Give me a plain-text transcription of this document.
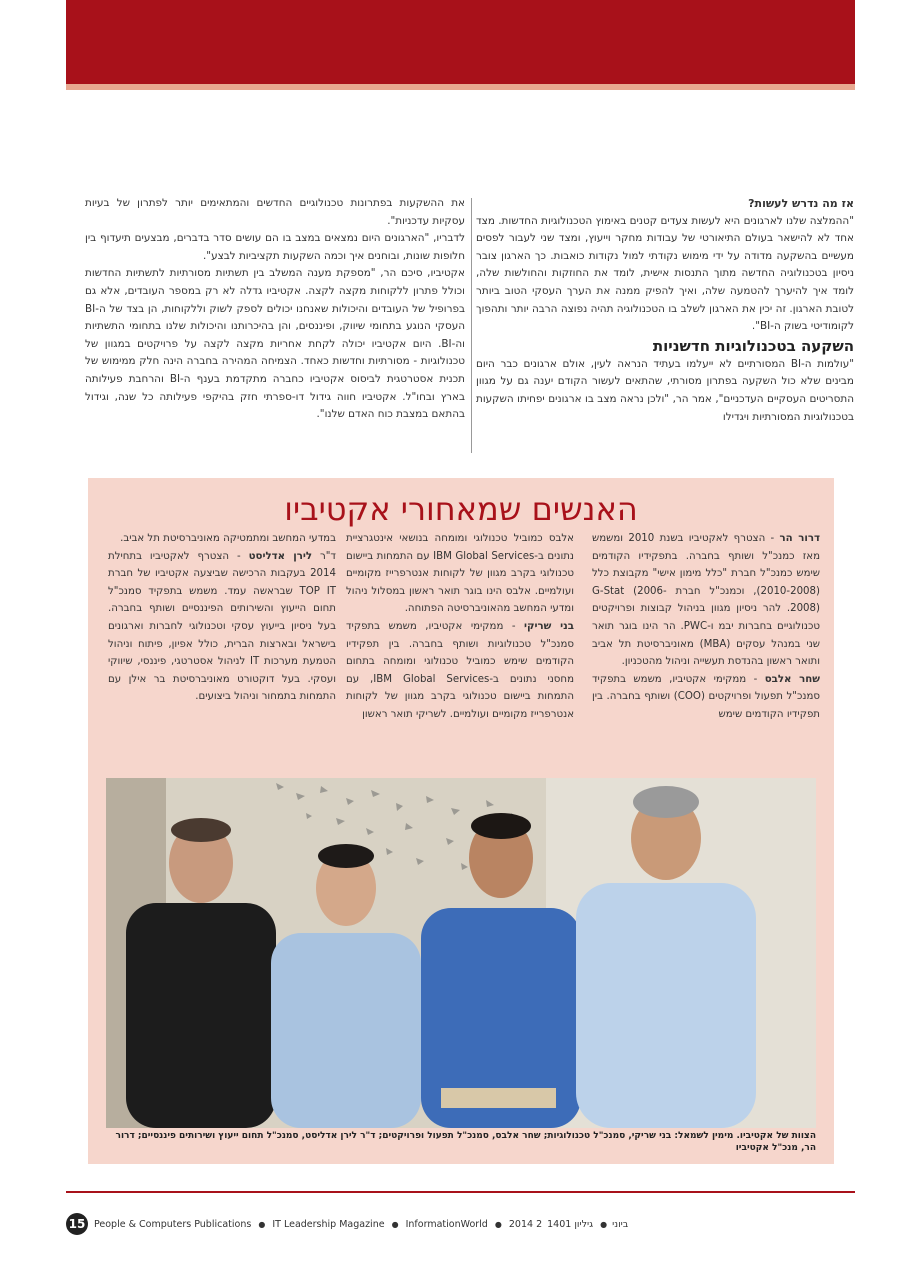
אז מה נדרש לעשות?

"ההמלצה שלנו לארגונים היא לעשות צעדים קטנים באימוץ הטכנולוגיות החדשות. מצד אחד לא להישאר בעולם התיאורטי של עבודות מחקר וייעוץ, ומצד שני לעבור לפסים מעשיים בהשקעה מדודה על ידי מימוש נקודתי למול נקודות כואבות. כך הארגון צובר ניסיון בטכנולוגיה החדשה מתוך התנסות אישית, לומד את החוזקות והחולשות שלה, לומד איך להיערך להטמעה שלה, ואיך להפיק ממנה את הערך העסקי הטוב ביותר לטובת הארגון. זה יכין את הארגון לשלב בו הטכנולוגיה תהיה נפוצה הרבה יותר ותהפוך לקומודיטי בשוק ה-BI".

השקעה בטכנולוגיות חדשניות

"עולמות ה-BI המסורתיים לא ייעלמו בעתיד הנראה לעין, אולם ארגונים כבר היום מבינים שלא כול השקעה בפתרון מסורתי, שהתאים לעשור הקודם יענה גם על מגוון התסריטים העסקיים העדכניים", אמר הר, "ולכן נראה מצב בו ארגונים יפחיתו השקעות בטכנולוגיות המסורתיות ויגדילו

את ההשקעות בפתרונות טכנולוגיים החדשים והמתאימים יותר לפתרון של בעיות עסקיות עדכניות".

לדבריו, "הארגונים היום נמצאים במצב בו הם עושים סדר בדברים, מבצעים תיעדוף בין חלופות שונות, ובוחנים איך וכמה השקעות תקציביות לבצע".

אקטיביו, סיכם הר, "מספקת מענה המשלב בין תשתיות מסורתיות לתשתיות החדשות וכולל פתרון ללקוחות מקצה לקצה. אקטיביו גדלה לא רק במספר העובדים, אלא גם בפרופיל של העובדים והיכולות שאנחנו יכולים לספק לשוק וללקוחות, הן בצד של ה-BI העסקי הנוגע בתחומי שיווק, ופיננסים, והן בהיכרותנו והיכולות שלנו בתחומי התשתיות וה-BI. היום אקטיביו יכולה לקחת אחריות מקצה לקצה על פרויקטים במגוון של טכנולוגיות - מסורתיות וחדשות כאחד. הצמיחה המהירה בחברה הינה חלק ממימוש של תכנית אסטרטגית לביסוס אקטיביו כחברה מתקדמת בענף ה-BI והרחבת פעילותה בארץ ובחו"ל. אקטיביו חווה גידול דו-ספרתי חזק בהיקפי פעילותה כל שנה, וגידול בהתאם במצבת כוח האדם שלנו".

האנשים שמאחורי אקטיביו

דרור הר - הצטרף לאקטיביו בשנת 2010 ומשמש מאז כמנכ"ל ושותף בחברה. בתפקידיו הקודמים שימש כמנכ"ל חברת "כלל מימון אישי" מקבוצת כלל (2010-2008), וכמנכ"ל חברת G-Stat (2006-2008). להר ניסיון מגוון בניהול קבוצות ופרויקטים טכנולוגיים בחברות יבמ ו-PWC. הר הינו בוגר תואר שני במנהל עסקים (MBA) מאוניברסיטת תל אביב ותואר ראשון בהנדסת תעשייה וניהול מהטכניון.

שחר אלבס - ממקימי אקטיביו, משמש בתפקיד סמנכ"ל תפעול ופרויקטים (COO) ושותף בחברה. בין תפקידיו הקודמים שימש

אלבס כמוביל טכנולוגי ומומחה בנושאי אינטגרציית נתונים ב-IBM Global Services עם התמחות ביישום טכנולוגי בקרב מגוון של לקוחות אנטרפרייז מקומיים ועולמיים. אלבס הינו בוגר תואר ראשון במסלול ניהול ומדעי המחשב מהאוניברסיטה הפתוחה.

בני שריקי - ממקימי אקטיביו, משמש בתפקיד סמנכ"ל טכנולוגיות ושותף בחברה. בין תפקידיו הקודמים שימש כמוביל טכנולוגי ומומחה בתחום מחסני נתונים ב-IBM Global Services, עם התמחות ביישום טכנולוגי בקרב מגוון של לקוחות אנטרפרייז מקומיים ועולמיים. לשריקי תואר ראשון

במדעי המחשב ומתמטיקה מאוניברסיטת תל אביב.

ד"ר לירן אדליסט - הצטרף לאקטיביו בתחילת 2014 בעקבות הרכישה שביצעה אקטיביו של חברת TOP IT שבראשה עמד. משמש בתפקיד סמנכ"ל תחום הייעוץ והשירותים הפיננסיים ושותף בחברה. בעל ניסיון בייעוץ עסקי וטכנולוגי לחברות וארגונים בישראל ובארצות הברית, כולל אפיון, פיתוח וניהול הטמעת מערכות IT לניהול אסטרטגי, פיננסי, שיווקי ועסקי. בעל דוקטורט מאוניברסיטת בר אילן עם התמחות בתמחור וניהול ביצועים.

הצוות של אקטיביו. מימין לשמאל: בני שריקי, סמנכ"ל טכנולוגיות; שחר אלבס, סמנכ"ל תפעול ופרויקטים; ד"ר לירן אדליסט, סמנכ"ל תחום ייעוץ ושירותים פיננסיים; דרור הר, מנכ"ל אקטיביו
15 People & Computers Publications ● IT Leadership Magazine ● InformationWorld ● 2014 2 ביוני ● גיליון 1401
